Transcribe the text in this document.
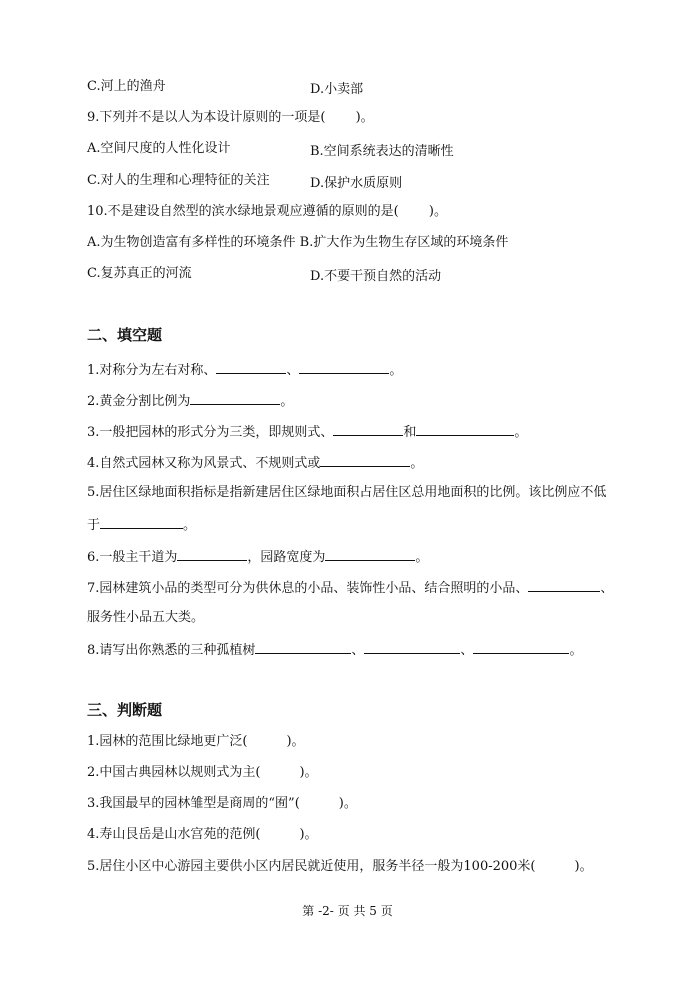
C.河上的渔舟	D.小卖部
9.下列并不是以人为本设计原则的一项是(　　 )。
A.空间尺度的人性化设计	B.空间系统表达的清晰性
C.对人的生理和心理特征的关注	D.保护水质原则
10.不是建设自然型的滨水绿地景观应遵循的原则的是(　　 )。
A.为生物创造富有多样性的环境条件 B.扩大作为生物生存区域的环境条件
C.复苏真正的河流	D.不要干预自然的活动
二、填空题
1.对称分为左右对称、	、	。
2.黄金分割比例为	。
3.一般把园林的形式分为三类，即规则式、	和	。
4.自然式园林又称为风景式、不规则式或	。
5.居住区绿地面积指标是指新建居住区绿地面积占居住区总用地面积的比例。该比例应不低
于	。
6.一般主干道为	，园路宽度为	。
7.园林建筑小品的类型可分为供休息的小品、装饰性小品、结合照明的小品、	、
服务性小品五大类。
8.请写出你熟悉的三种孤植树	、	、	。
三、判断题
1.园林的范围比绿地更广泛(　　　)。
2.中国古典园林以规则式为主(　　　)。
3.我国最早的园林雏型是商周的“囿”(　　　)。
4.寿山艮岳是山水宫苑的范例(　　　)。
5.居住小区中心游园主要供小区内居民就近使用，服务半径一般为100-200米(　　　)。
第 -2- 页 共 5 页
